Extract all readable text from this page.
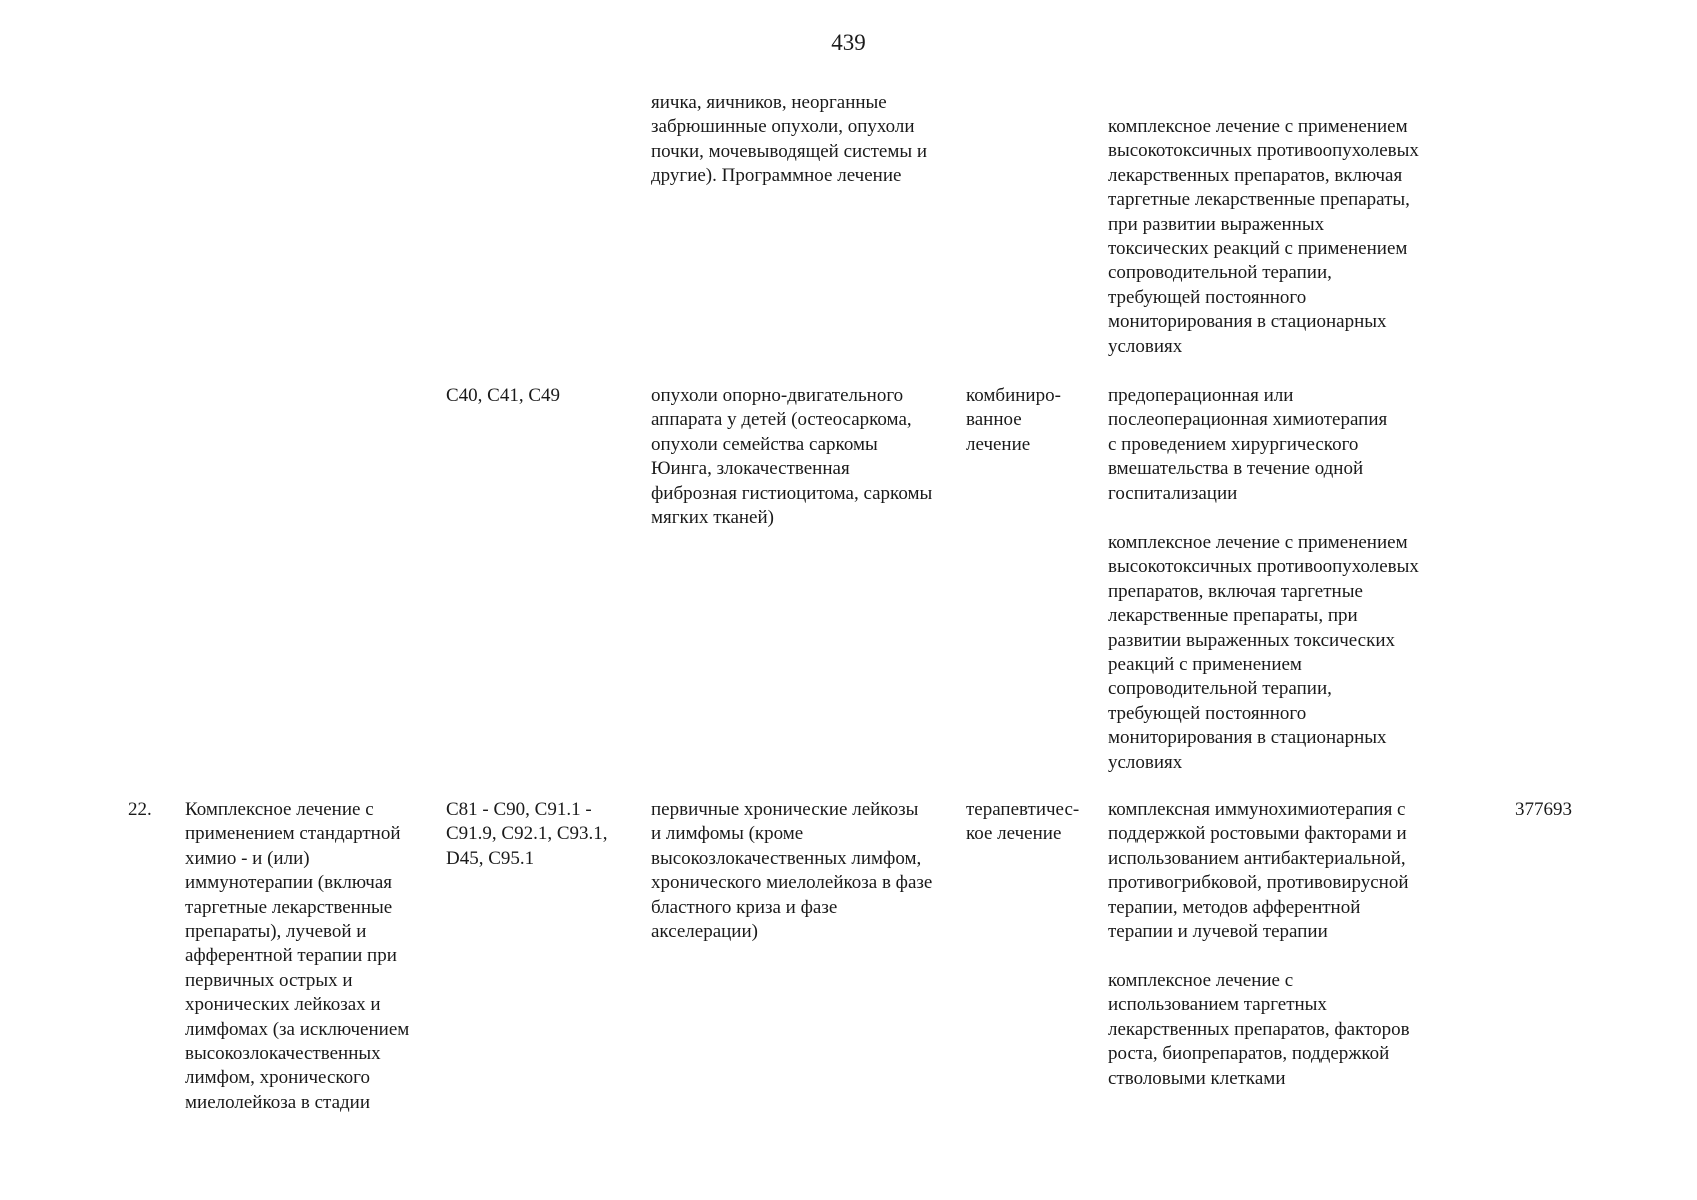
439
яичка, яичников, неорганные
забрюшинные опухоли, опухоли
почки, мочевыводящей системы и
другие). Программное лечение
комплексное лечение с применением
высокотоксичных противоопухолевых
лекарственных препаратов, включая
таргетные лекарственные препараты,
при развитии выраженных
токсических реакций с применением
сопроводительной терапии,
требующей постоянного
мониторирования в стационарных
условиях
C40, C41, C49	опухоли опорно-двигательного
аппарата у детей (остеосаркома,
опухоли семейства саркомы
Юинга, злокачественная
фиброзная гистиоцитома, саркомы
мягких тканей)
комбиниро-
ванное
лечение
предоперационная или
послеоперационная химиотерапия
с проведением хирургического
вмешательства в течение одной
госпитализации
комплексное лечение с применением
высокотоксичных противоопухолевых
препаратов, включая таргетные
лекарственные препараты, при
развитии выраженных токсических
реакций с применением
сопроводительной терапии,
требующей постоянного
мониторирования в стационарных
условиях
22.	Комплексное лечение с
применением стандартной
химио - и (или)
иммунотерапии (включая
таргетные лекарственные
препараты), лучевой и
афферентной терапии при
первичных острых и
хронических лейкозах и
лимфомах (за исключением
высокозлокачественных
лимфом, хронического
миелолейкоза в стадии
C81 - C90, C91.1 -
C91.9, C92.1, C93.1,
D45, C95.1
первичные хронические лейкозы
и лимфомы (кроме
высокозлокачественных лимфом,
хронического миелолейкоза в фазе
бластного криза и фазе
акселерации)
терапевтичес-
кое лечение
комплексная иммунохимиотерапия с
поддержкой ростовыми факторами и
использованием антибактериальной,
противогрибковой, противовирусной
терапии, методов афферентной
терапии и лучевой терапии
комплексное лечение с
использованием таргетных
лекарственных препаратов, факторов
роста, биопрепаратов, поддержкой
стволовыми клетками
377693
